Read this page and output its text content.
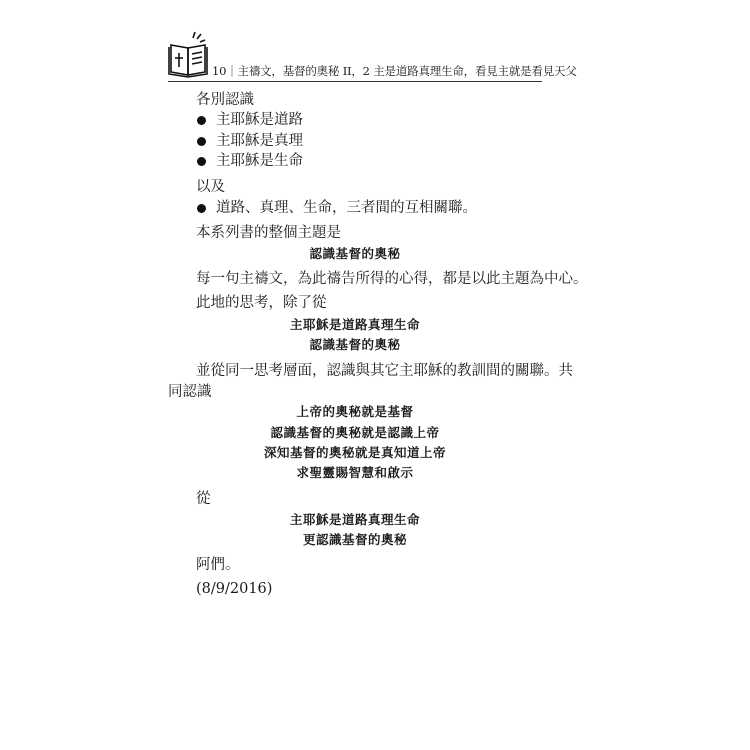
10｜主禱文，基督的奧秘 II，2 主是道路真理生命，看見主就是看見天父
各別認識
主耶穌是道路
主耶穌是真理
主耶穌是生命
以及
道路、真理、生命，三者間的互相關聯。
本系列書的整個主題是
認識基督的奧秘
每一句主禱文，為此禱告所得的心得，都是以此主題為中心。
此地的思考，除了從
主耶穌是道路真理生命
認識基督的奧秘
並從同一思考層面，認識與其它主耶穌的教訓間的關聯。共
同認識
上帝的奧秘就是基督
認識基督的奧秘就是認識上帝
深知基督的奧秘就是真知道上帝
求聖靈賜智慧和啟示
從
主耶穌是道路真理生命
更認識基督的奧秘
阿們。
(8/9/2016)
